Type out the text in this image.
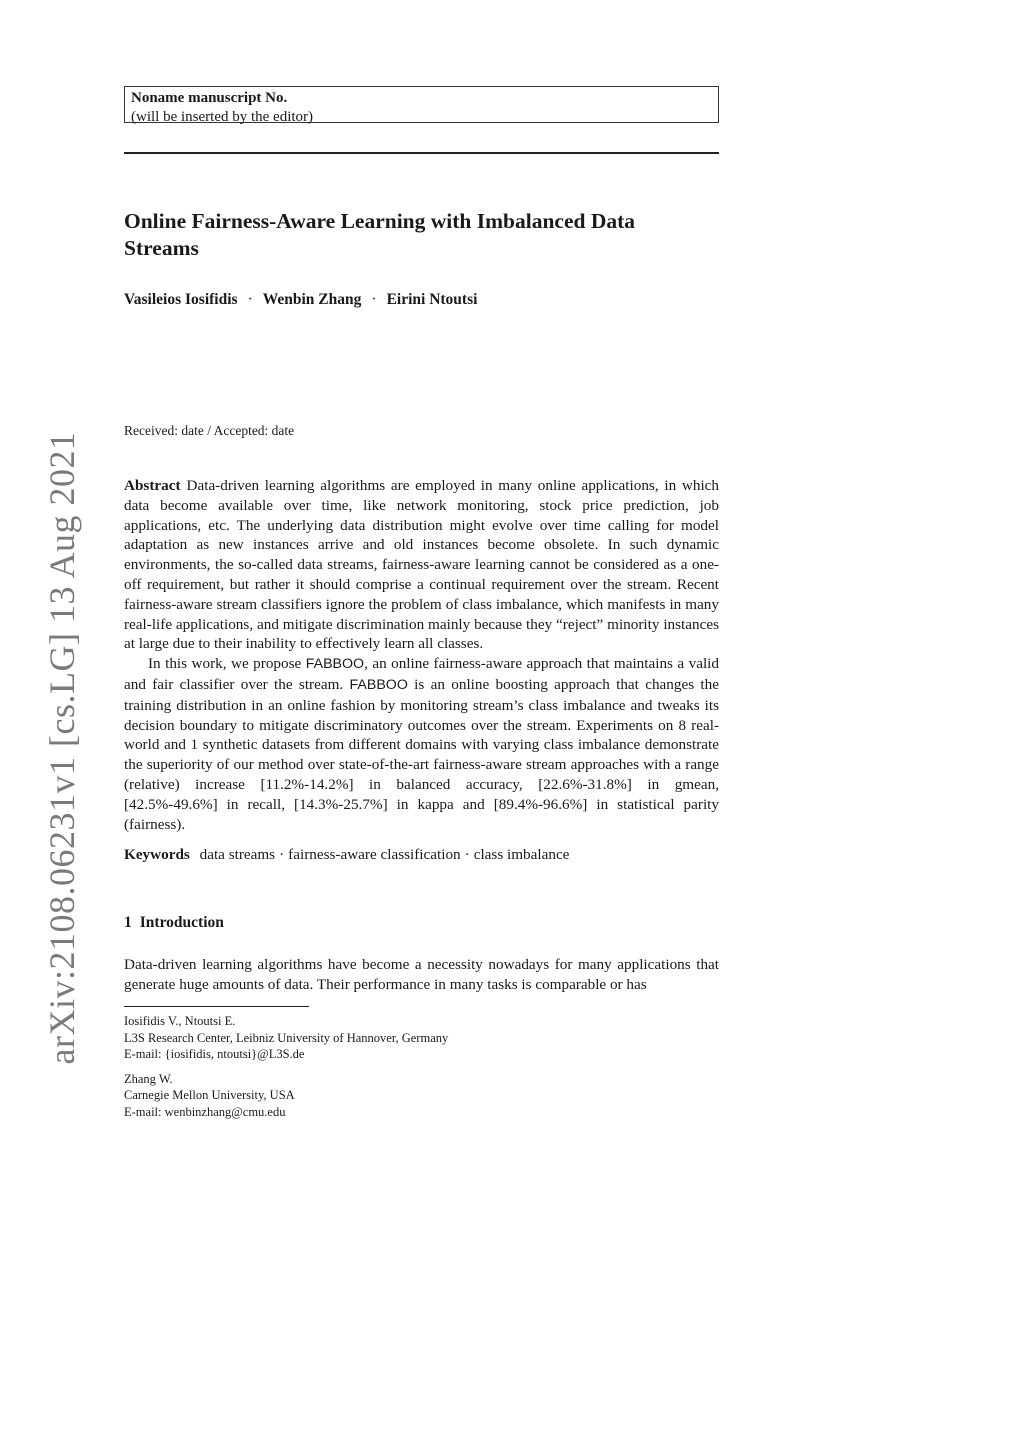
Noname manuscript No.
(will be inserted by the editor)
Online Fairness-Aware Learning with Imbalanced Data Streams
Vasileios Iosifidis · Wenbin Zhang · Eirini Ntoutsi
Received: date / Accepted: date

Abstract Data-driven learning algorithms are employed in many online applications, in which data become available over time, like network monitoring, stock price prediction, job applications, etc. The underlying data distribution might evolve over time calling for model adaptation as new instances arrive and old instances become obsolete. In such dynamic environments, the so-called data streams, fairness-aware learning cannot be considered as a one-off requirement, but rather it should comprise a continual requirement over the stream. Recent fairness-aware stream classifiers ignore the problem of class imbalance, which manifests in many real-life applications, and mitigate discrimination mainly because they “reject” minority instances at large due to their inability to effectively learn all classes.

In this work, we propose FABBOO, an online fairness-aware approach that maintains a valid and fair classifier over the stream. FABBOO is an online boosting approach that changes the training distribution in an online fashion by monitoring stream’s class imbalance and tweaks its decision boundary to mitigate discriminatory outcomes over the stream. Experiments on 8 real-world and 1 synthetic datasets from different domains with varying class imbalance demonstrate the superiority of our method over state-of-the-art fairness-aware stream approaches with a range (relative) increase [11.2%-14.2%] in balanced accuracy, [22.6%-31.8%] in gmean, [42.5%-49.6%] in recall, [14.3%-25.7%] in kappa and [89.4%-96.6%] in statistical parity (fairness).

Keywords data streams · fairness-aware classification · class imbalance
1 Introduction

Data-driven learning algorithms have become a necessity nowadays for many applications that generate huge amounts of data. Their performance in many tasks is comparable or has

Iosifidis V., Ntoutsi E.
L3S Research Center, Leibniz University of Hannover, Germany
E-mail: {iosifidis, ntoutsi}@L3S.de
Zhang W.
Carnegie Mellon University, USA
E-mail: wenbinzhang@cmu.edu
arXiv:2108.06231v1 [cs.LG] 13 Aug 2021
